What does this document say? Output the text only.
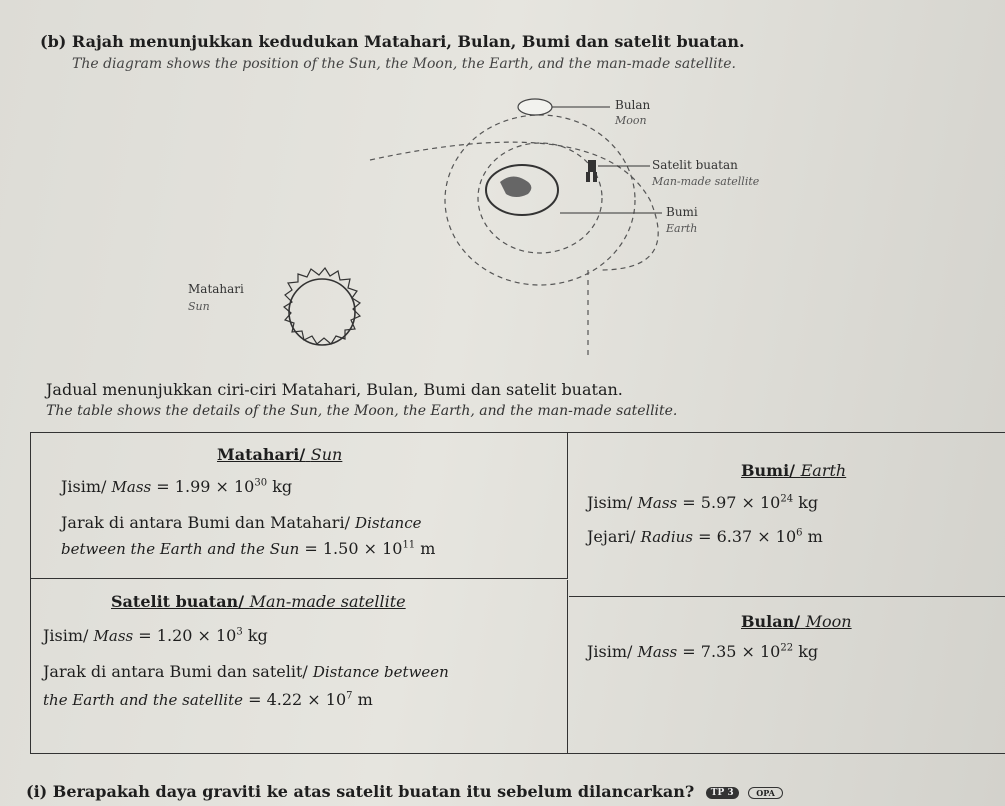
(b) Rajah menunjukkan kedudukan Matahari, Bulan, Bumi dan satelit buatan.
The diagram shows the position of the Sun, the Moon, the Earth, and the man-made satellite.
Bulan
Moon
Satelit buatan
Man-made satellite
Bumi
Earth
Matahari
Sun
Jadual menunjukkan ciri-ciri Matahari, Bulan, Bumi dan satelit buatan.
The table shows the details of the Sun, the Moon, the Earth, and the man-made satellite.
Matahari/ Sun
Jisim/ Mass = $1.99 \times 10^{30}$ kg
Jarak di antara Bumi dan Matahari/ Distance
between the Earth and the Sun = $1.50 \times 10^{11}$ m
Bumi/ Earth
Jisim/ Mass = $5.97 \times 10^{24}$ kg
Jejari/ Radius = $6.37 \times 10^6$ m
Satelit buatan/ Man-made satellite
Jisim/ Mass = $1.20 \times 10^3$ kg
Jarak di antara Bumi dan satelit/ Distance between
the Earth and the satellite = $4.22 \times 10^7$ m
Bulan/ Moon
Jisim/ Mass = $7.35 \times 10^{22}$ kg
(i) Berapakah daya graviti ke atas satelit buatan itu sebelum dilancarkan? TP 3	OPA
